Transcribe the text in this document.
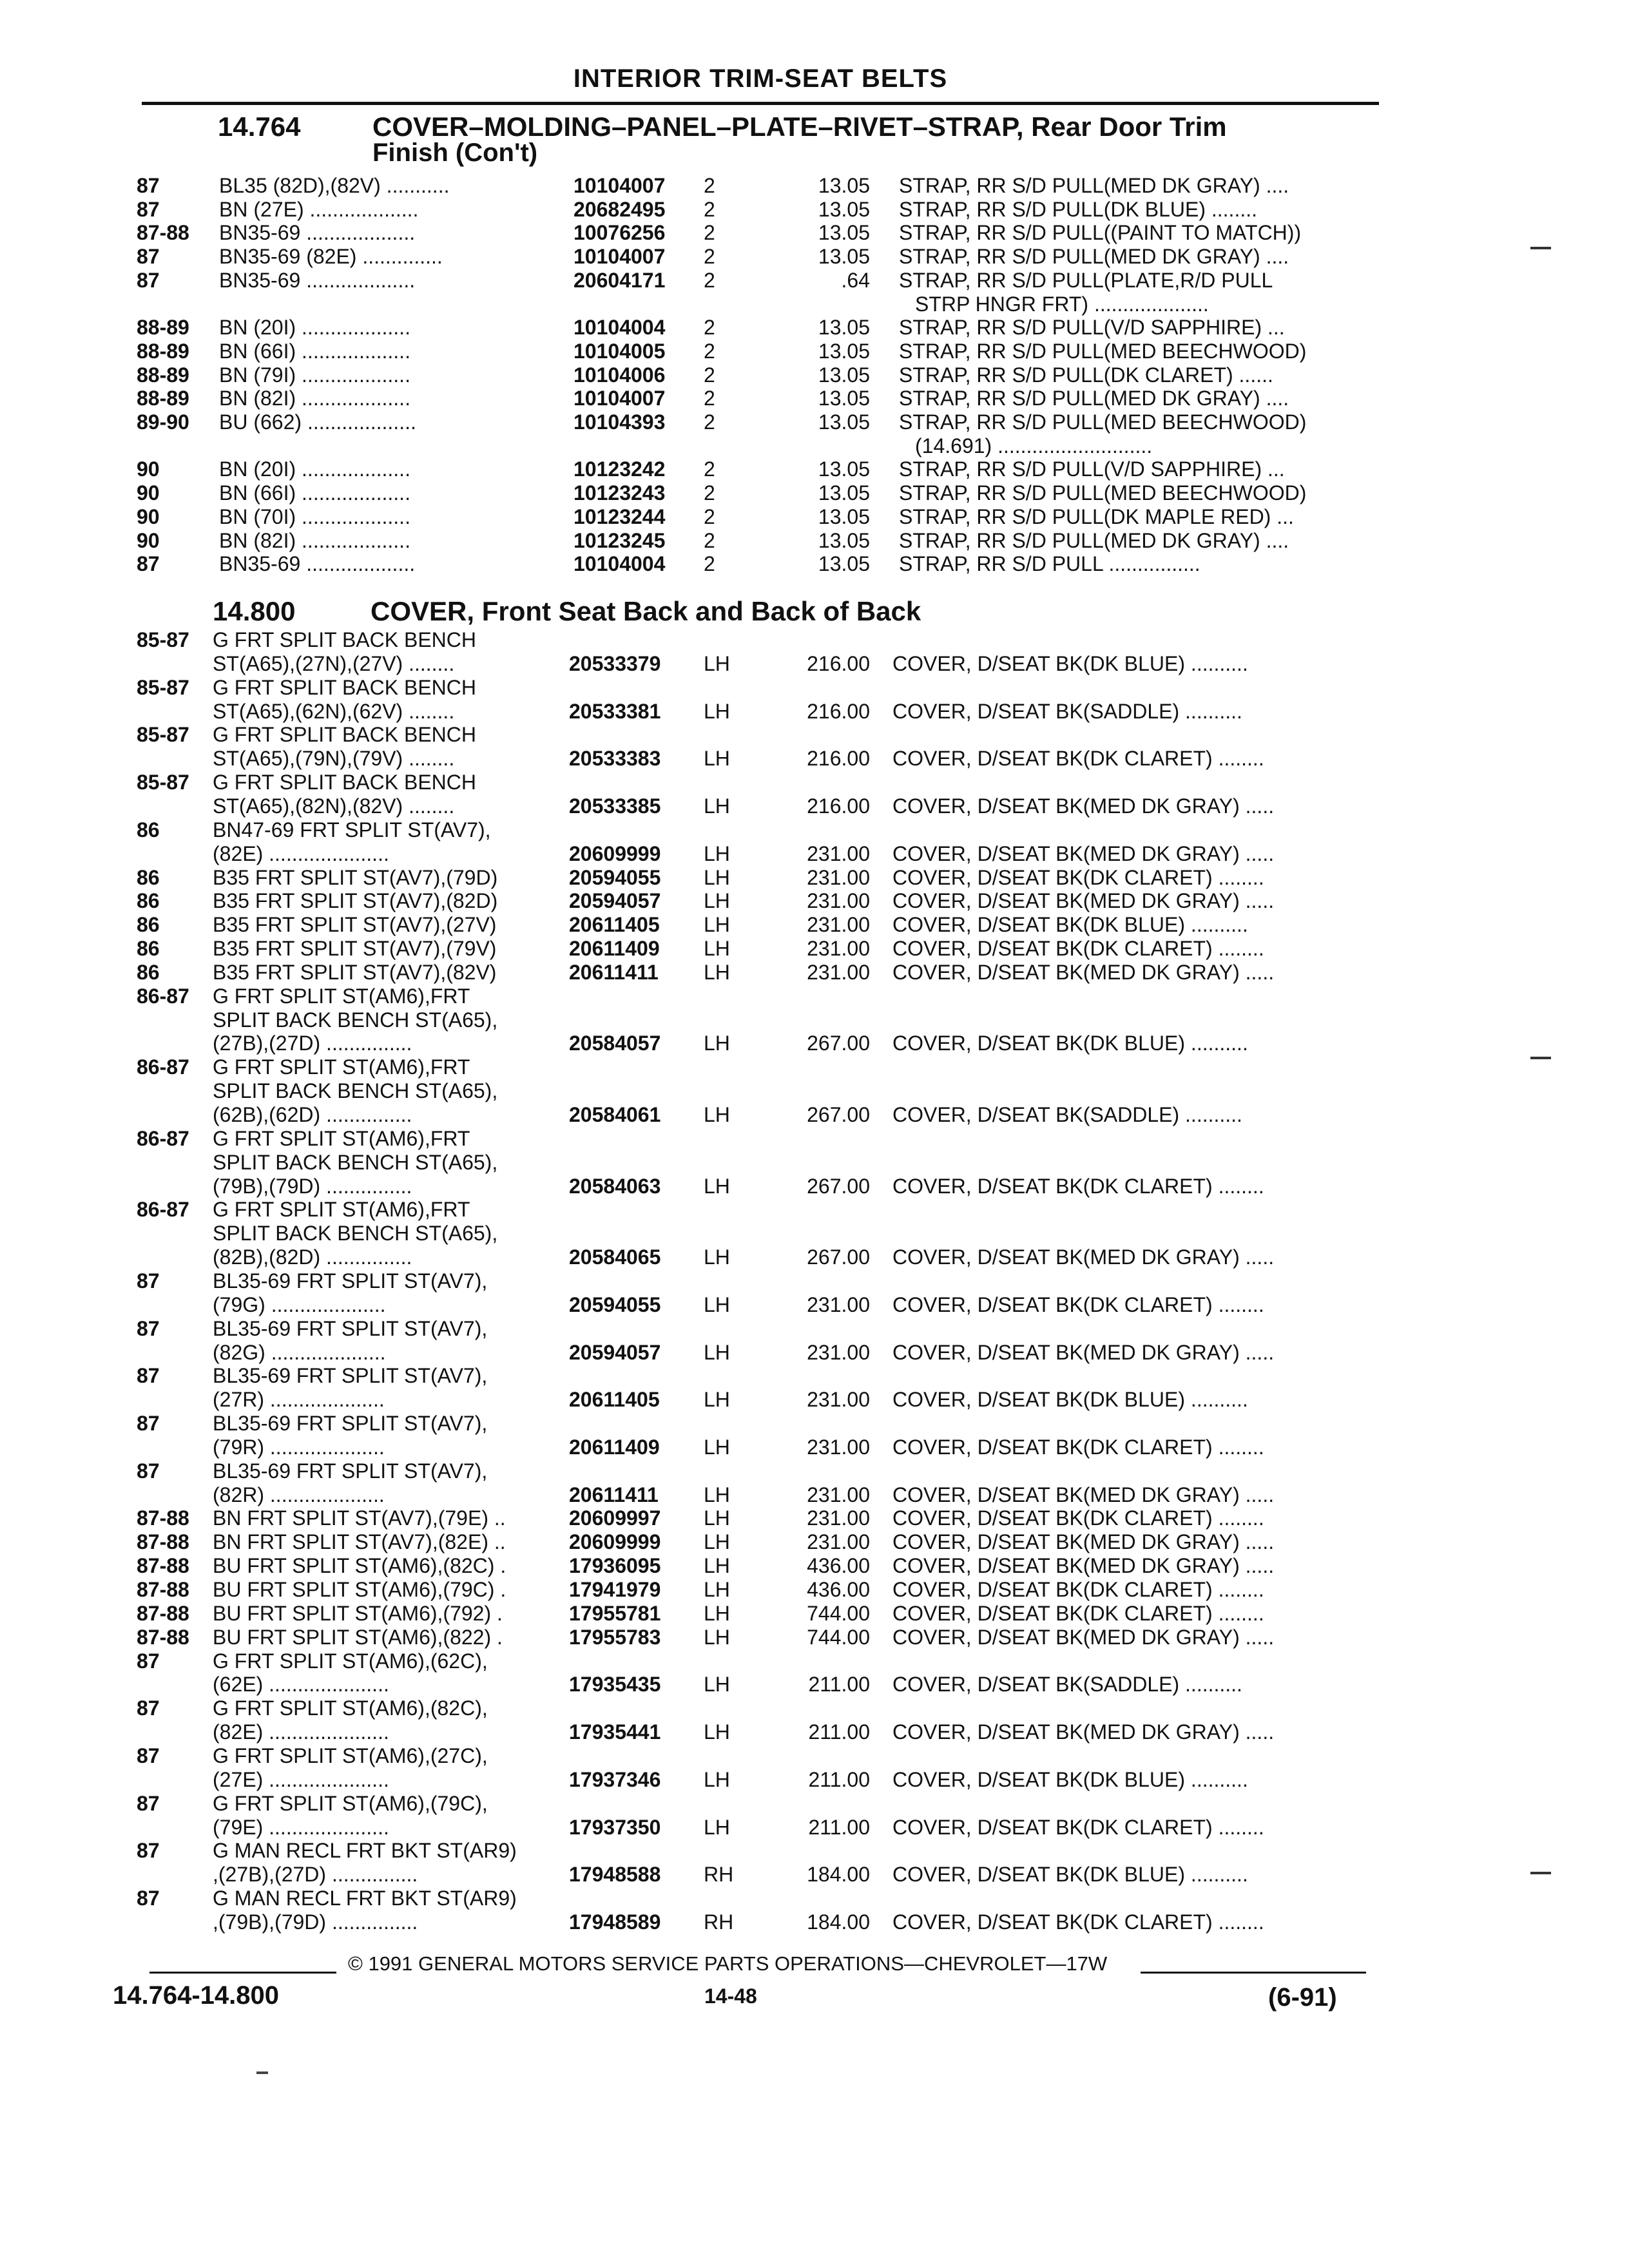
INTERIOR TRIM-SEAT BELTS
14.764	COVER–MOLDING–PANEL–PLATE–RIVET–STRAP, Rear Door Trim
Finish (Con't)
87	BL35 (82D),(82V) ...........	10104007 2	13.05 STRAP, RR S/D PULL(MED DK GRAY) ....
87	BN (27E) ...................	20682495 2	13.05 STRAP, RR S/D PULL(DK BLUE) ........
87-88 BN35-69 ...................	10076256 2	13.05 STRAP, RR S/D PULL((PAINT TO MATCH))
87	BN35-69 (82E) ..............	10104007 2	13.05 STRAP, RR S/D PULL(MED DK GRAY) ....
87	BN35-69 ...................	20604171 2	.64 STRAP, RR S/D PULL(PLATE,R/D PULL
STRP HNGR FRT) ....................
88-89 BN (20I) ...................	10104004 2	13.05 STRAP, RR S/D PULL(V/D SAPPHIRE) ...
88-89 BN (66I) ...................	10104005 2	13.05 STRAP, RR S/D PULL(MED BEECHWOOD)
88-89 BN (79I) ...................	10104006 2	13.05 STRAP, RR S/D PULL(DK CLARET) ......
88-89 BN (82I) ...................	10104007 2	13.05 STRAP, RR S/D PULL(MED DK GRAY) ....
89-90 BU (662) ...................	10104393 2	13.05 STRAP, RR S/D PULL(MED BEECHWOOD)
(14.691) ...........................
90	BN (20I) ...................	10123242 2	13.05 STRAP, RR S/D PULL(V/D SAPPHIRE) ...
90	BN (66I) ...................	10123243 2	13.05 STRAP, RR S/D PULL(MED BEECHWOOD)
90	BN (70I) ...................	10123244 2	13.05 STRAP, RR S/D PULL(DK MAPLE RED) ...
90	BN (82I) ...................	10123245 2	13.05 STRAP, RR S/D PULL(MED DK GRAY) ....
87	BN35-69 ...................	10104004 2	13.05 STRAP, RR S/D PULL ................
14.800	COVER, Front Seat Back and Back of Back
85-87 G FRT SPLIT BACK BENCH
ST(A65),(27N),(27V) ........	20533379 LH	216.00 COVER, D/SEAT BK(DK BLUE) ..........
85-87 G FRT SPLIT BACK BENCH
ST(A65),(62N),(62V) ........	20533381 LH	216.00 COVER, D/SEAT BK(SADDLE) ..........
85-87 G FRT SPLIT BACK BENCH
ST(A65),(79N),(79V) ........	20533383 LH	216.00 COVER, D/SEAT BK(DK CLARET) ........
85-87 G FRT SPLIT BACK BENCH
ST(A65),(82N),(82V) ........	20533385 LH	216.00 COVER, D/SEAT BK(MED DK GRAY) .....
86	BN47-69 FRT SPLIT ST(AV7),
(82E) .....................	20609999 LH	231.00 COVER, D/SEAT BK(MED DK GRAY) .....
86	B35 FRT SPLIT ST(AV7),(79D)	20594055 LH	231.00 COVER, D/SEAT BK(DK CLARET) ........
86	B35 FRT SPLIT ST(AV7),(82D)	20594057 LH	231.00 COVER, D/SEAT BK(MED DK GRAY) .....
86	B35 FRT SPLIT ST(AV7),(27V)	20611405 LH	231.00 COVER, D/SEAT BK(DK BLUE) ..........
86	B35 FRT SPLIT ST(AV7),(79V)	20611409 LH	231.00 COVER, D/SEAT BK(DK CLARET) ........
86	B35 FRT SPLIT ST(AV7),(82V)	20611411 LH	231.00 COVER, D/SEAT BK(MED DK GRAY) .....
86-87 G FRT SPLIT ST(AM6),FRT
SPLIT BACK BENCH ST(A65),
(27B),(27D) ...............	20584057 LH	267.00 COVER, D/SEAT BK(DK BLUE) ..........
86-87 G FRT SPLIT ST(AM6),FRT
SPLIT BACK BENCH ST(A65),
(62B),(62D) ...............	20584061 LH	267.00 COVER, D/SEAT BK(SADDLE) ..........
86-87 G FRT SPLIT ST(AM6),FRT
SPLIT BACK BENCH ST(A65),
(79B),(79D) ...............	20584063 LH	267.00 COVER, D/SEAT BK(DK CLARET) ........
86-87 G FRT SPLIT ST(AM6),FRT
SPLIT BACK BENCH ST(A65),
(82B),(82D) ...............	20584065 LH	267.00 COVER, D/SEAT BK(MED DK GRAY) .....
87	BL35-69 FRT SPLIT ST(AV7),
(79G) ....................	20594055 LH	231.00 COVER, D/SEAT BK(DK CLARET) ........
87	BL35-69 FRT SPLIT ST(AV7),
(82G) ....................	20594057 LH	231.00 COVER, D/SEAT BK(MED DK GRAY) .....
87	BL35-69 FRT SPLIT ST(AV7),
(27R) ....................	20611405 LH	231.00 COVER, D/SEAT BK(DK BLUE) ..........
87	BL35-69 FRT SPLIT ST(AV7),
(79R) ....................	20611409 LH	231.00 COVER, D/SEAT BK(DK CLARET) ........
87	BL35-69 FRT SPLIT ST(AV7),
(82R) ....................	20611411 LH	231.00 COVER, D/SEAT BK(MED DK GRAY) .....
87-88 BN FRT SPLIT ST(AV7),(79E) ..	20609997 LH	231.00 COVER, D/SEAT BK(DK CLARET) ........
87-88 BN FRT SPLIT ST(AV7),(82E) ..	20609999 LH	231.00 COVER, D/SEAT BK(MED DK GRAY) .....
87-88 BU FRT SPLIT ST(AM6),(82C) .	17936095 LH	436.00 COVER, D/SEAT BK(MED DK GRAY) .....
87-88 BU FRT SPLIT ST(AM6),(79C) .	17941979 LH	436.00 COVER, D/SEAT BK(DK CLARET) ........
87-88 BU FRT SPLIT ST(AM6),(792) .	17955781 LH	744.00 COVER, D/SEAT BK(DK CLARET) ........
87-88 BU FRT SPLIT ST(AM6),(822) .	17955783 LH	744.00 COVER, D/SEAT BK(MED DK GRAY) .....
87	G FRT SPLIT ST(AM6),(62C),
(62E) .....................	17935435 LH	211.00 COVER, D/SEAT BK(SADDLE) ..........
87	G FRT SPLIT ST(AM6),(82C),
(82E) .....................	17935441 LH	211.00 COVER, D/SEAT BK(MED DK GRAY) .....
87	G FRT SPLIT ST(AM6),(27C),
(27E) .....................	17937346 LH	211.00 COVER, D/SEAT BK(DK BLUE) ..........
87	G FRT SPLIT ST(AM6),(79C),
(79E) .....................	17937350 LH	211.00 COVER, D/SEAT BK(DK CLARET) ........
87	G MAN RECL FRT BKT ST(AR9)
,(27B),(27D) ...............	17948588 RH	184.00 COVER, D/SEAT BK(DK BLUE) ..........
87	G MAN RECL FRT BKT ST(AR9)
,(79B),(79D) ...............	17948589 RH	184.00 COVER, D/SEAT BK(DK CLARET) ........
© 1991 GENERAL MOTORS SERVICE PARTS OPERATIONS—CHEVROLET—17W
14.764-14.800	14-48	(6-91)
